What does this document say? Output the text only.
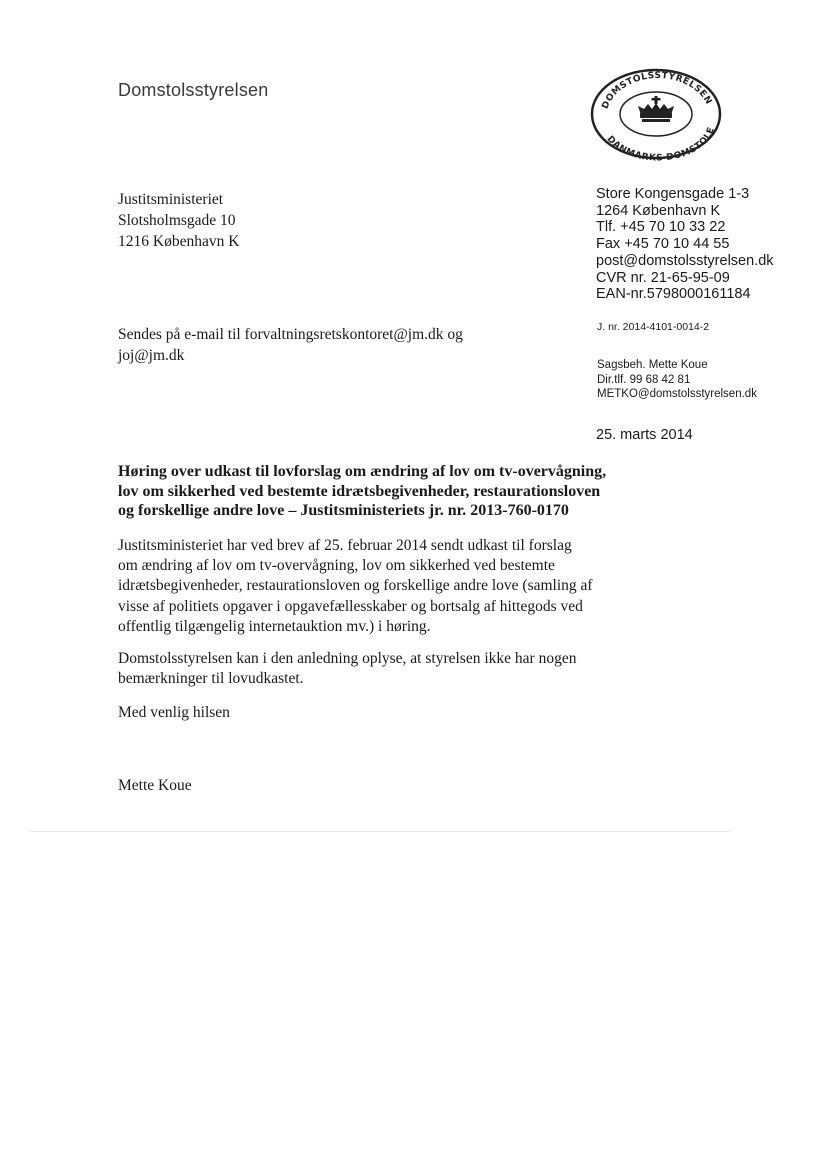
Domstolsstyrelsen
DOMSTOLSSTYRELSEN
DANMARKS DOMSTOLE
Justitsministeriet
Slotsholmsgade 10
1216 København K
Store Kongensgade 1-3
1264 København K
Tlf. +45 70 10 33 22
Fax +45 70 10 44 55
post@domstolsstyrelsen.dk
CVR nr. 21-65-95-09
EAN-nr.5798000161184
Sendes på e-mail til forvaltningsretskontoret@jm.dk og
joj@jm.dk
J. nr. 2014-4101-0014-2
Sagsbeh. Mette Koue
Dir.tlf. 99 68 42 81
METKO@domstolsstyrelsen.dk
25. marts 2014
Høring over udkast til lovforslag om ændring af lov om tv-overvågning,
lov om sikkerhed ved bestemte idrætsbegivenheder, restaurationsloven
og forskellige andre love – Justitsministeriets jr. nr. 2013-760-0170
Justitsministeriet har ved brev af 25. februar 2014 sendt udkast til forslag
om ændring af lov om tv-overvågning, lov om sikkerhed ved bestemte
idrætsbegivenheder, restaurationsloven og forskellige andre love (samling af
visse af politiets opgaver i opgavefællesskaber og bortsalg af hittegods ved
offentlig tilgængelig internetauktion mv.) i høring.
Domstolsstyrelsen kan i den anledning oplyse, at styrelsen ikke har nogen
bemærkninger til lovudkastet.
Med venlig hilsen
Mette Koue
